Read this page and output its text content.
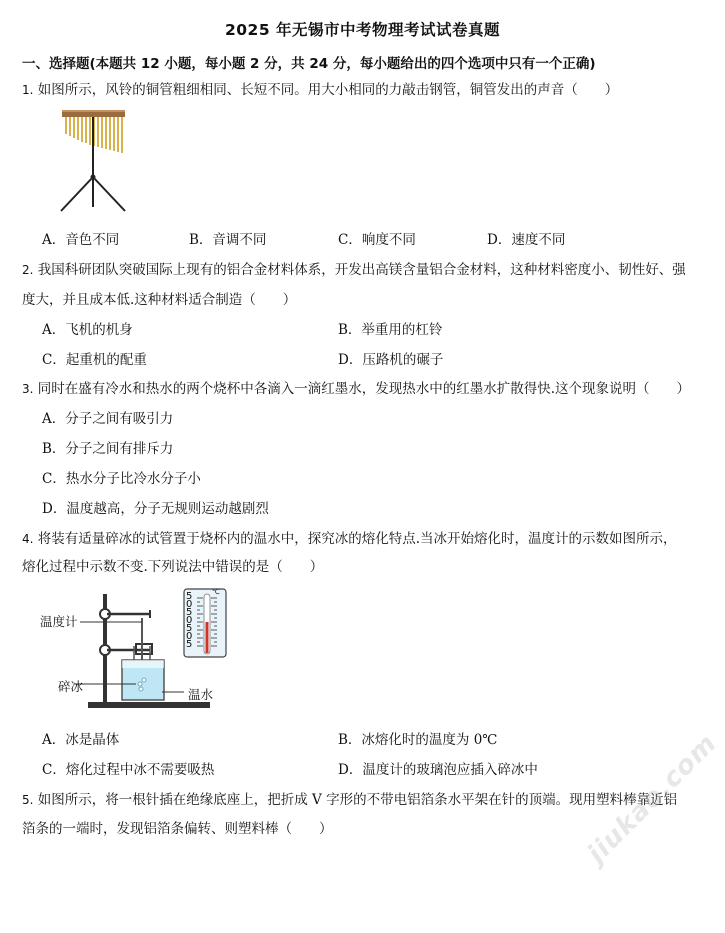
2025 年无锡市中考物理考试试卷真题
一、选择题(本题共 12 小题，每小题 2 分，共 24 分，每小题给出的四个选项中只有一个正确)
1. 如图所示，风铃的铜管粗细相同、长短不同。用大小相同的力敲击钢管，铜管发出的声音（　　）
A．音色不同	B．音调不同	C．响度不同	D．速度不同
2. 我国科研团队突破国际上现有的铝合金材料体系，开发出高镁含量铝合金材料，这种材料密度小、韧性好、强
度大，并且成本低.这种材料适合制造（　　）
A．飞机的机身	B．举重用的杠铃
C．起重机的配重	D．压路机的碾子
3. 同时在盛有冷水和热水的两个烧杯中各滴入一滴红墨水，发现热水中的红墨水扩散得快.这个现象说明（　　）
A．分子之间有吸引力
B．分子之间有排斥力
C．热水分子比冷水分子小
D．温度越高，分子无规则运动越剧烈
4. 将装有适量碎冰的试管置于烧杯内的温水中，探究冰的熔化特点.当冰开始熔化时，温度计的示数如图所示，
熔化过程中示数不变.下列说法中错误的是（　　）
温度计
碎冰
温水
℃
5
0
5
0
5
0
5
A．冰是晶体	B．冰熔化时的温度为 0℃
C．熔化过程中冰不需要吸热	D．温度计的玻璃泡应插入碎冰中
5. 如图所示，将一根针插在绝缘底座上，把折成 V 字形的不带电铝箔条水平架在针的顶端。现用塑料棒靠近铝
箔条的一端时，发现铝箔条偏转、则塑料棒（　　）	jiukao.com
